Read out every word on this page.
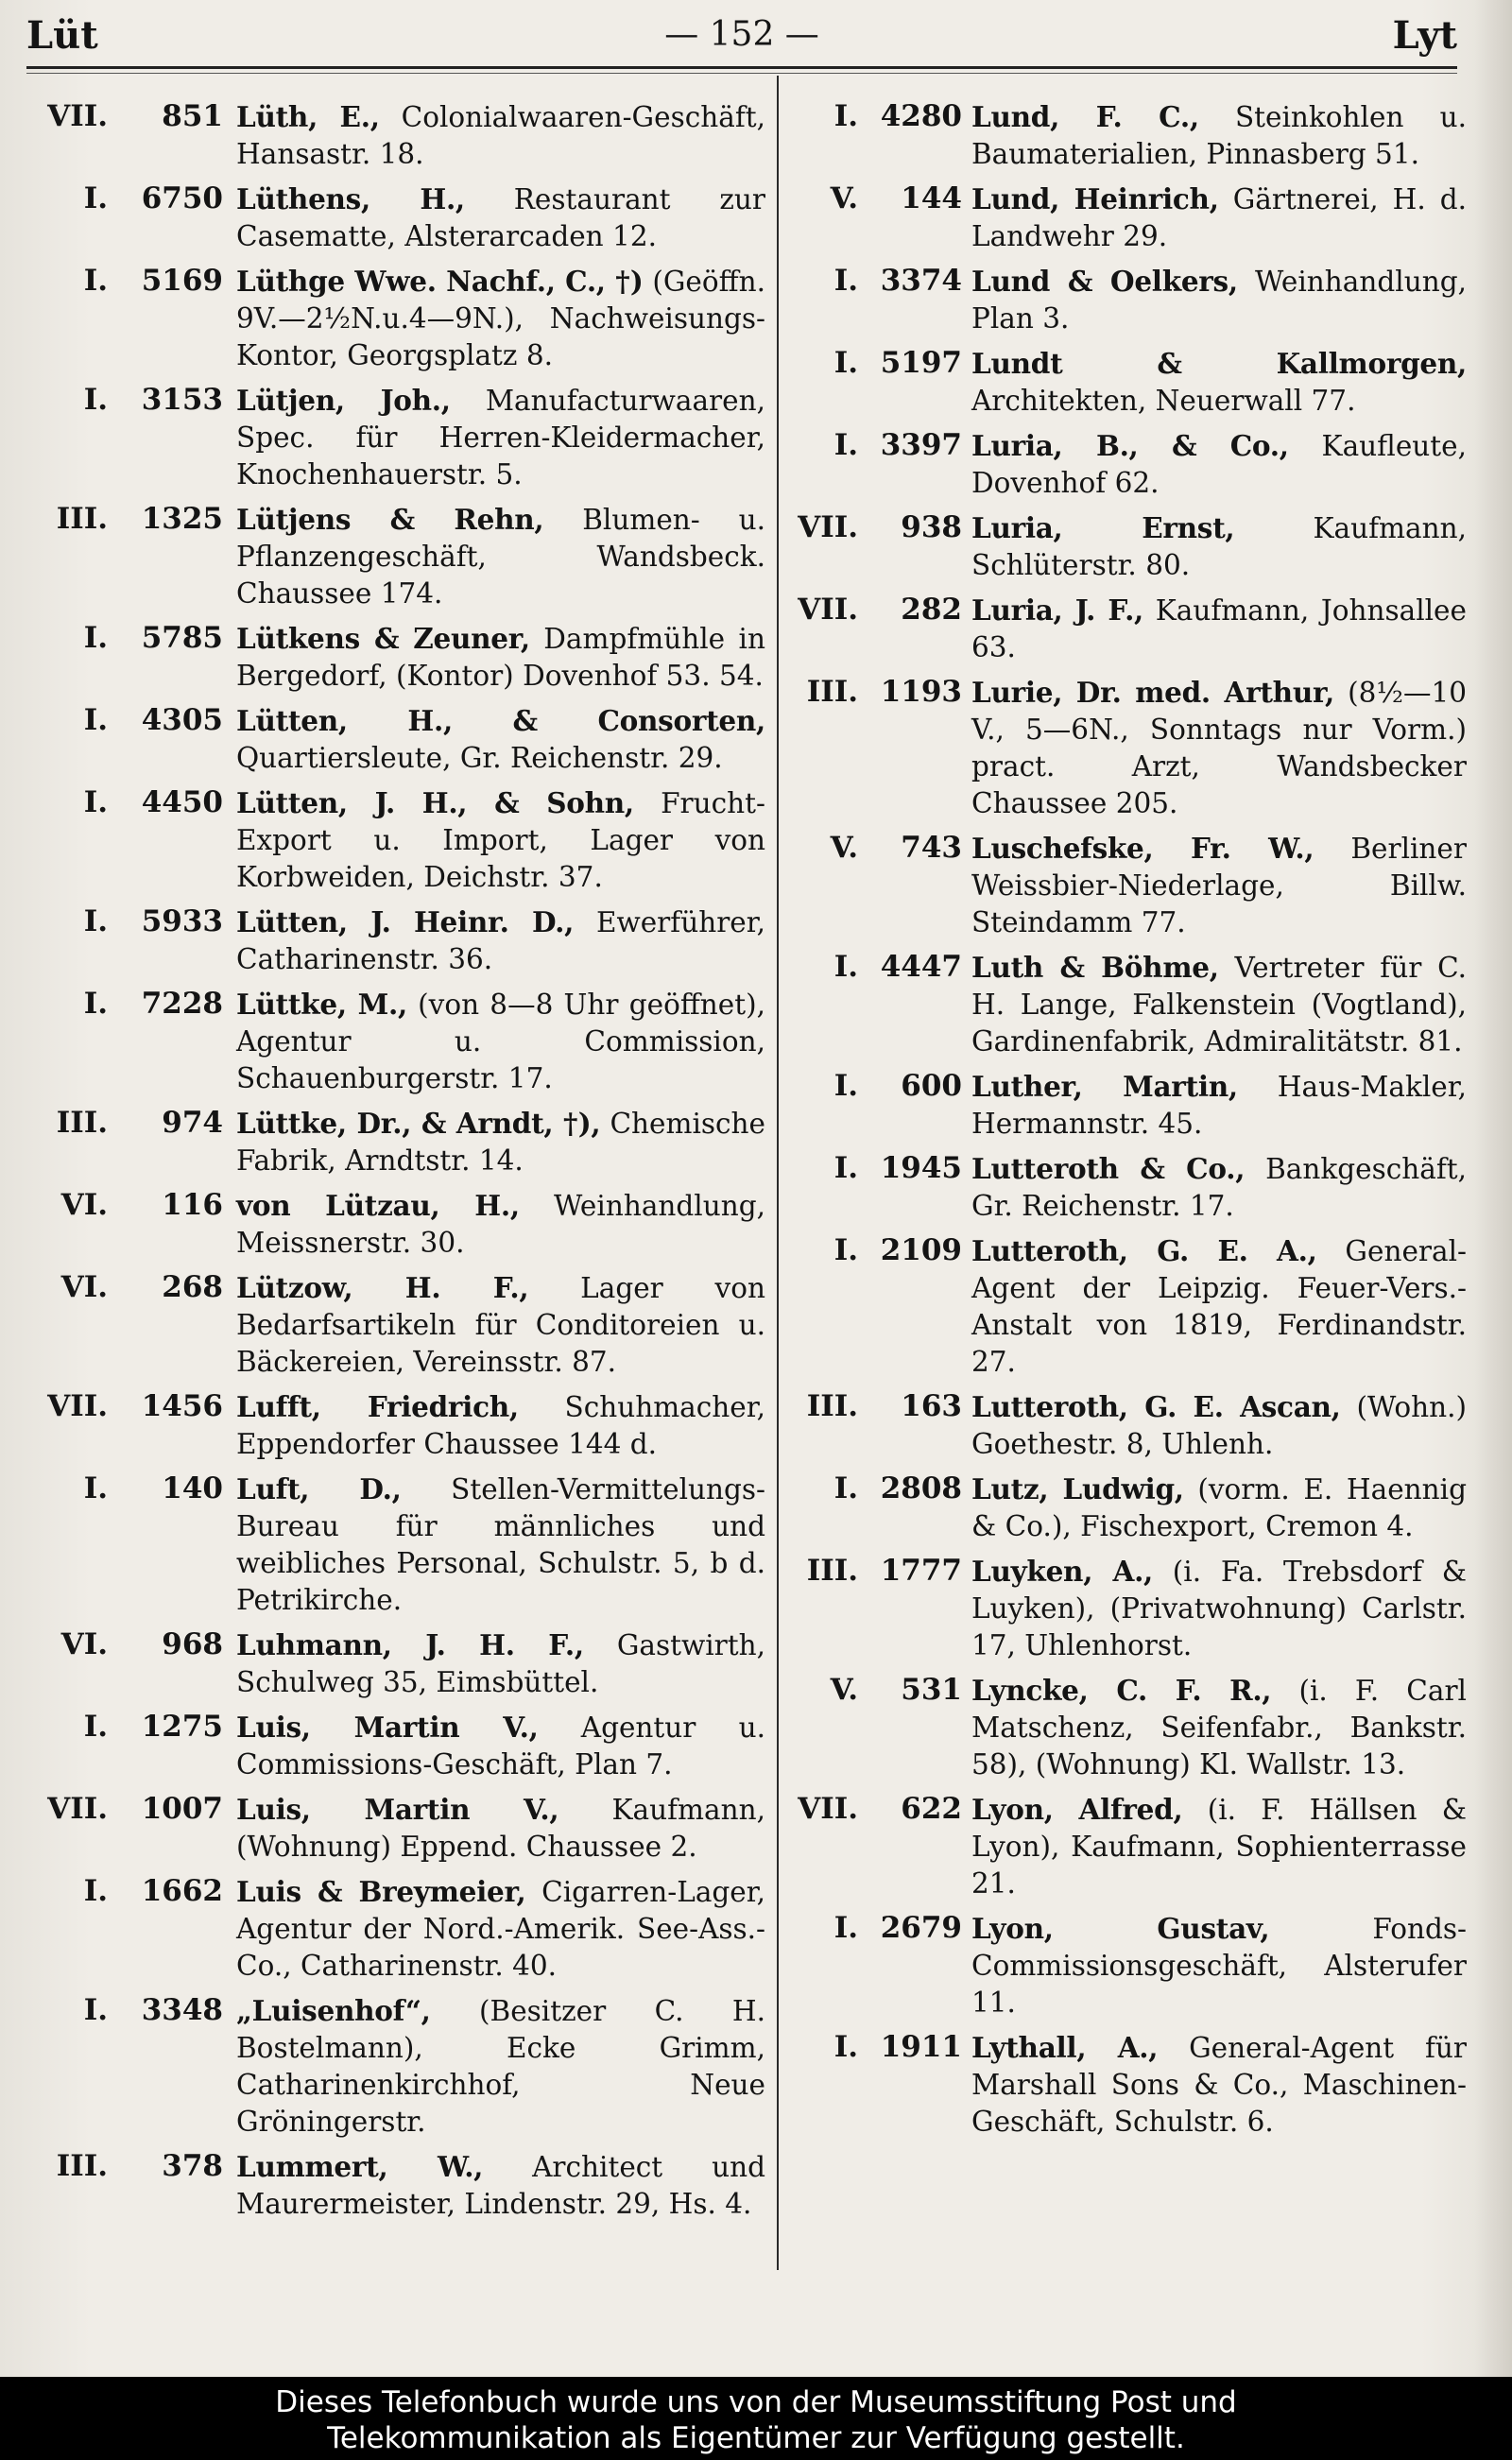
Lüt	— 152 —	Lyt
VII. 851 Lüth, E., Colonialwaaren-Geschäft, Hansastr. 18.
I. 6750 Lüthens, H., Restaurant zur Casematte, Alsterarcaden 12.
I. 5169 Lüthge Wwe. Nachf., C., †) (Geöffn. 9V.—2½N.u.4—9N.), Nachweisungs-Kontor, Georgsplatz 8.
I. 3153 Lütjen, Joh., Manufacturwaaren, Spec. für Herren-Kleidermacher, Knochenhauerstr. 5.
III. 1325 Lütjens & Rehn, Blumen- u. Pflanzengeschäft, Wandsbeck. Chaussee 174.
I. 5785 Lütkens & Zeuner, Dampfmühle in Bergedorf, (Kontor) Dovenhof 53. 54.
I. 4305 Lütten, H., & Consorten, Quartiersleute, Gr. Reichenstr. 29.
I. 4450 Lütten, J. H., & Sohn, Frucht-Export u. Import, Lager von Korbweiden, Deichstr. 37.
I. 5933 Lütten, J. Heinr. D., Ewerführer, Catharinenstr. 36.
I. 7228 Lüttke, M., (von 8—8 Uhr geöffnet), Agentur u. Commission, Schauenburgerstr. 17.
III. 974 Lüttke, Dr., & Arndt, †), Chemische Fabrik, Arndtstr. 14.
VI. 116 von Lützau, H., Weinhandlung, Meissnerstr. 30.
VI. 268 Lützow, H. F., Lager von Bedarfsartikeln für Conditoreien u. Bäckereien, Vereinsstr. 87.
VII. 1456 Lufft, Friedrich, Schuhmacher, Eppendorfer Chaussee 144 d.
I. 140 Luft, D., Stellen-Vermittelungs-Bureau für männliches und weibliches Personal, Schulstr. 5, b d. Petrikirche.
VI. 968 Luhmann, J. H. F., Gastwirth, Schulweg 35, Eimsbüttel.
I. 1275 Luis, Martin V., Agentur u. Commissions-Geschäft, Plan 7.
VII. 1007 Luis, Martin V., Kaufmann, (Wohnung) Eppend. Chaussee 2.
I. 1662 Luis & Breymeier, Cigarren-Lager, Agentur der Nord.-Amerik. See-Ass.-Co., Catharinenstr. 40.
I. 3348 „Luisenhof“, (Besitzer C. H. Bostelmann), Ecke Grimm, Catharinenkirchhof, Neue Gröningerstr.
III. 378 Lummert, W., Architect und Maurermeister, Lindenstr. 29, Hs. 4.
I. 4280 Lund, F. C., Steinkohlen u. Baumaterialien, Pinnasberg 51.
V. 144 Lund, Heinrich, Gärtnerei, H. d. Landwehr 29.
I. 3374 Lund & Oelkers, Weinhandlung, Plan 3.
I. 5197 Lundt & Kallmorgen, Architekten, Neuerwall 77.
I. 3397 Luria, B., & Co., Kaufleute, Dovenhof 62.
VII. 938 Luria, Ernst,	Kaufmann, Schlüterstr. 80.
VII. 282 Luria, J. F., Kaufmann, Johnsallee 63.
III. 1193 Lurie, Dr. med. Arthur, (8½—10 V., 5—6N., Sonntags nur Vorm.) pract. Arzt, Wandsbecker Chaussee 205.
V. 743 Luschefske, Fr. W., Berliner Weissbier-Niederlage, Billw. Steindamm 77.
I. 4447 Luth & Böhme, Vertreter für C. H. Lange, Falkenstein (Vogtland), Gardinenfabrik, Admiralitätstr. 81.
I. 600 Luther, Martin, Haus-Makler, Hermannstr. 45.
I. 1945 Lutteroth & Co., Bankgeschäft, Gr. Reichenstr. 17.
I. 2109 Lutteroth, G. E. A., General-Agent der Leipzig. Feuer-Vers.-Anstalt von 1819, Ferdinandstr. 27.
III. 163 Lutteroth, G. E. Ascan, (Wohn.) Goethestr. 8, Uhlenh.
I. 2808 Lutz, Ludwig, (vorm. E. Haennig & Co.), Fischexport, Cremon 4.
III. 1777 Luyken, A., (i. Fa. Trebsdorf & Luyken), (Privatwohnung) Carlstr. 17, Uhlenhorst.
V. 531 Lyncke, C. F. R., (i. F. Carl Matschenz, Seifenfabr., Bankstr. 58), (Wohnung) Kl. Wallstr. 13.
VII. 622 Lyon, Alfred, (i. F. Hällsen & Lyon), Kaufmann, Sophienterrasse 21.
I. 2679 Lyon, Gustav,	Fonds-Commissionsgeschäft, Alsterufer 11.
I. 1911 Lythall, A., General-Agent für Marshall Sons & Co., Maschinen-Geschäft, Schulstr. 6.
Dieses Telefonbuch wurde uns von der Museumsstiftung Post und
Telekommunikation als Eigentümer zur Verfügung gestellt.
